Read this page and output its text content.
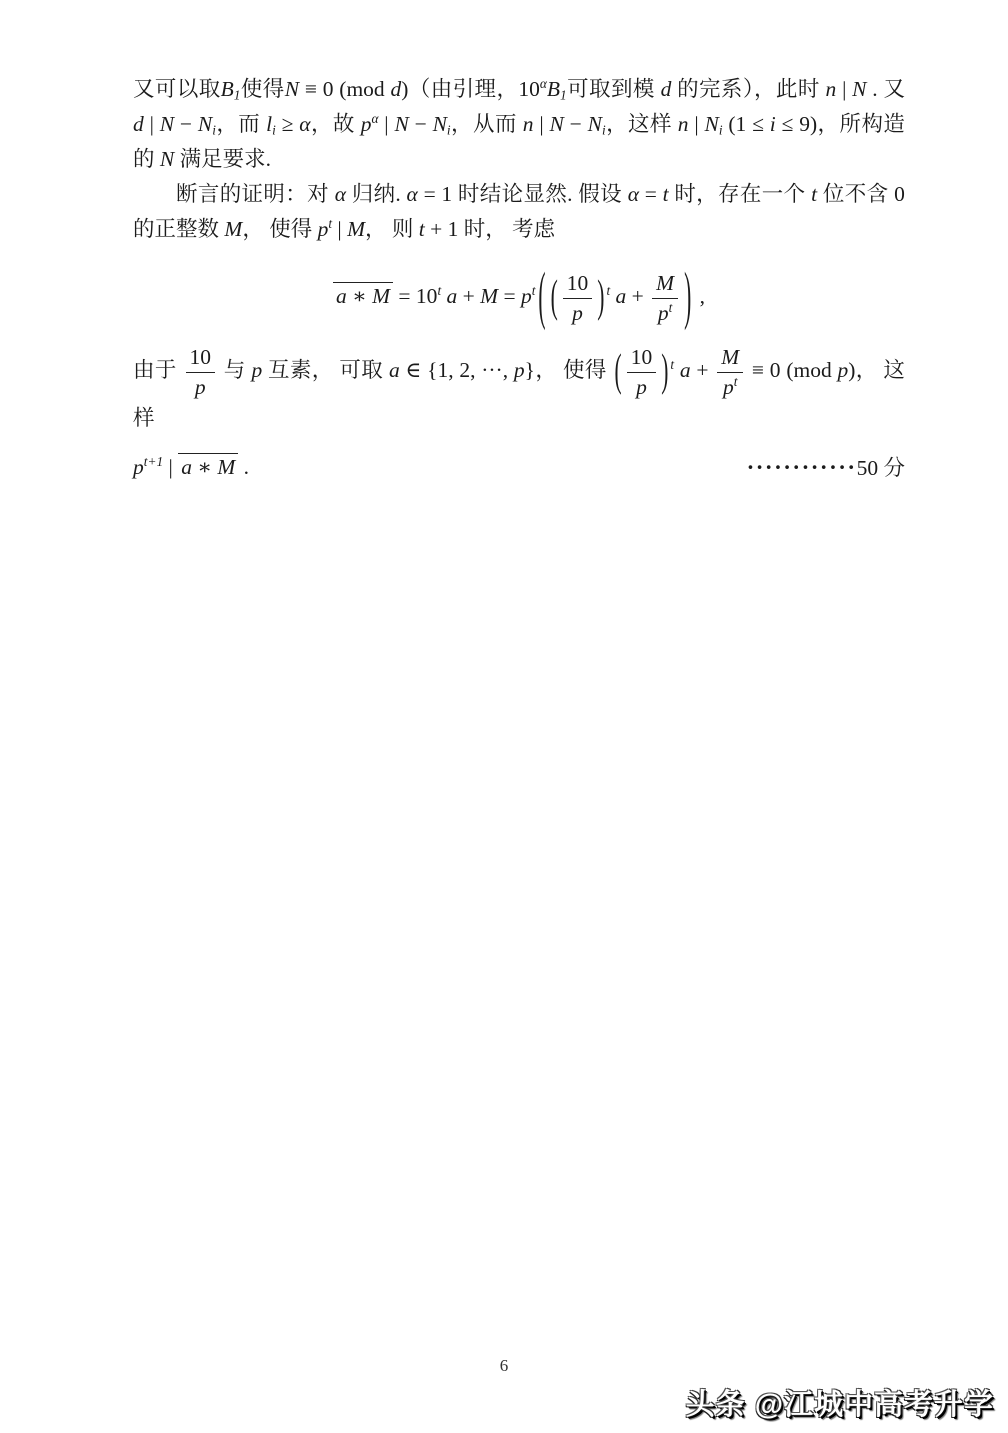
又可以取$B_1$使得N ≡ 0 (mod d)（由引理，$10^\alpha B_1$可取到模 d 的完系），此时 n | N . 又 d | $N - N_i$，而 $l_i \ge \alpha$，故 $p^\alpha$ | $N - N_i$，从而 n | $N - N_i$，这样 n | $N_i$ (1 ≤ i ≤ 9)，所构造的 N 满足要求.

断言的证明：对 α 归纳. α = 1 时结论显然. 假设 α = t 时，存在一个 t 位不含 0 的正整数 M， 使得 $p^t$ | M， 则 t + 1 时， 考虑

a ∗ $M = 10^t$ $a + M = p^t$ ( ( $\frac{10}{p}$ ) $^t$ $a + \frac{M}{p^t}$ ) ,

由于 $\frac{10}{p}$ 与 p 互素， 可取 a ∈ {1, 2, ···, p}， 使得 ( $\frac{10}{p}$ ) $^t$ $a + \frac{M}{p^t} \equiv 0$ (mod p)， 这样

$p^{t+1}$ | a ∗ M .	············50 分
6
头条 @江城中高考升学
